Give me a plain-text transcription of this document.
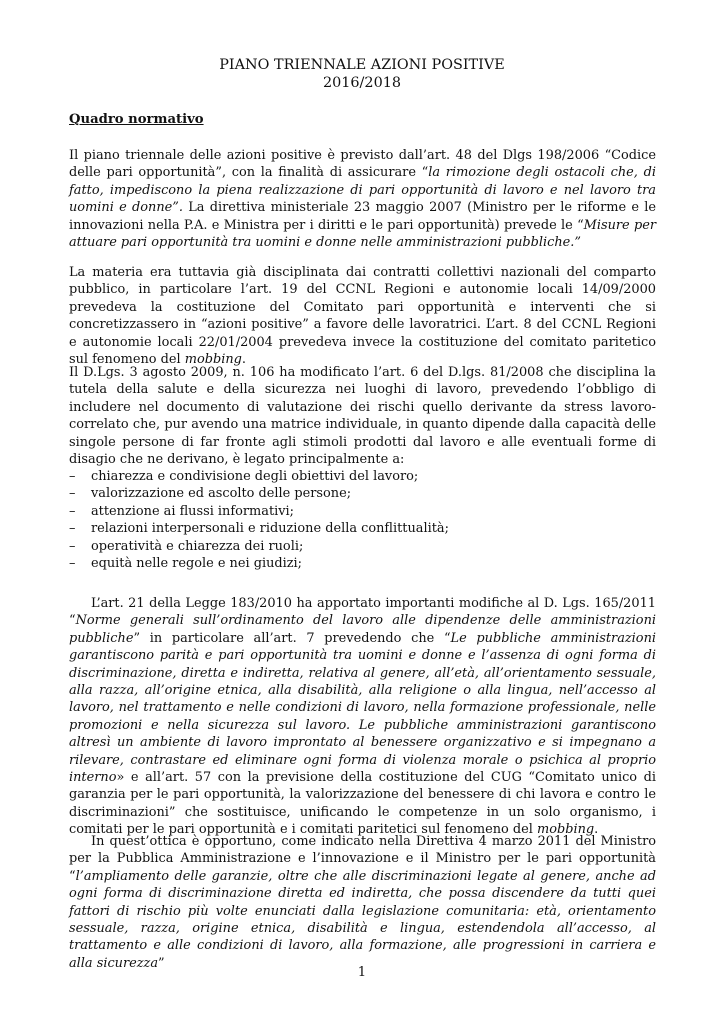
PIANO TRIENNALE AZIONI POSITIVE
2016/2018
Quadro normativo

Il piano triennale delle azioni positive è previsto dall’art. 48 del Dlgs 198/2006 “Codice delle pari opportunità”, con la finalità di assicurare “la rimozione degli ostacoli che, di fatto, impediscono la piena realizzazione di pari opportunità di lavoro e nel lavoro tra uomini e donne”. La direttiva ministeriale 23 maggio 2007 (Ministro per le riforme e le innovazioni nella P.A. e Ministra per i diritti e le pari opportunità) prevede le “Misure per attuare pari opportunità tra uomini e donne nelle amministrazioni pubbliche.”

La materia era tuttavia già disciplinata dai contratti collettivi nazionali del comparto pubblico, in particolare l’art. 19 del CCNL Regioni e autonomie locali 14/09/2000 prevedeva la costituzione del Comitato pari opportunità e interventi che si concretizzassero in “azioni positive” a favore delle lavoratrici. L’art. 8 del CCNL Regioni e autonomie locali 22/01/2004 prevedeva invece la costituzione del comitato paritetico sul fenomeno del mobbing.

Il D.Lgs. 3 agosto 2009, n. 106 ha modificato l’art. 6 del D.lgs. 81/2008 che disciplina la tutela della salute e della sicurezza nei luoghi di lavoro, prevedendo l’obbligo di includere nel documento di valutazione dei rischi quello derivante da stress lavoro-correlato che, pur avendo una matrice individuale, in quanto dipende dalla capacità delle singole persone di far fronte agli stimoli prodotti dal lavoro e alle eventuali forme di disagio che ne derivano, è legato principalmente a:

– chiarezza e condivisione degli obiettivi del lavoro;
– valorizzazione ed ascolto delle persone;
– attenzione ai flussi informativi;
– relazioni interpersonali e riduzione della conflittualità;
– operatività e chiarezza dei ruoli;
– equità nelle regole e nei giudizi;

L’art. 21 della Legge 183/2010 ha apportato importanti modifiche al D. Lgs. 165/2011 “Norme generali sull’ordinamento del lavoro alle dipendenze delle amministrazioni pubbliche” in particolare all’art. 7 prevedendo che “Le pubbliche amministrazioni garantiscono parità e pari opportunità tra uomini e donne e l’assenza di ogni forma di discriminazione, diretta e indiretta, relativa al genere, all’età, all’orientamento sessuale, alla razza, all’origine etnica, alla disabilità, alla religione o alla lingua, nell’accesso al lavoro, nel trattamento e nelle condizioni di lavoro, nella formazione professionale, nelle promozioni e nella sicurezza sul lavoro. Le pubbliche amministrazioni garantiscono altresì un ambiente di lavoro improntato al benessere organizzativo e si impegnano a rilevare, contrastare ed eliminare ogni forma di violenza morale o psichica al proprio interno» e all’art. 57 con la previsione della costituzione del CUG “Comitato unico di garanzia per le pari opportunità, la valorizzazione del benessere di chi lavora e contro le discriminazioni” che sostituisce, unificando le competenze in un solo organismo, i comitati per le pari opportunità e i comitati paritetici sul fenomeno del mobbing.

In quest’ottica è opportuno, come indicato nella Direttiva 4 marzo 2011 del Ministro per la Pubblica Amministrazione e l’innovazione e il Ministro per le pari opportunità “l’ampliamento delle garanzie, oltre che alle discriminazioni legate al genere, anche ad ogni forma di discriminazione diretta ed indiretta, che possa discendere da tutti quei fattori di rischio più volte enunciati dalla legislazione comunitaria: età, orientamento sessuale, razza, origine etnica, disabilità e lingua, estendendola all’accesso, al trattamento e alle condizioni di lavoro, alla formazione, alle progressioni in carriera e alla sicurezza”

1
